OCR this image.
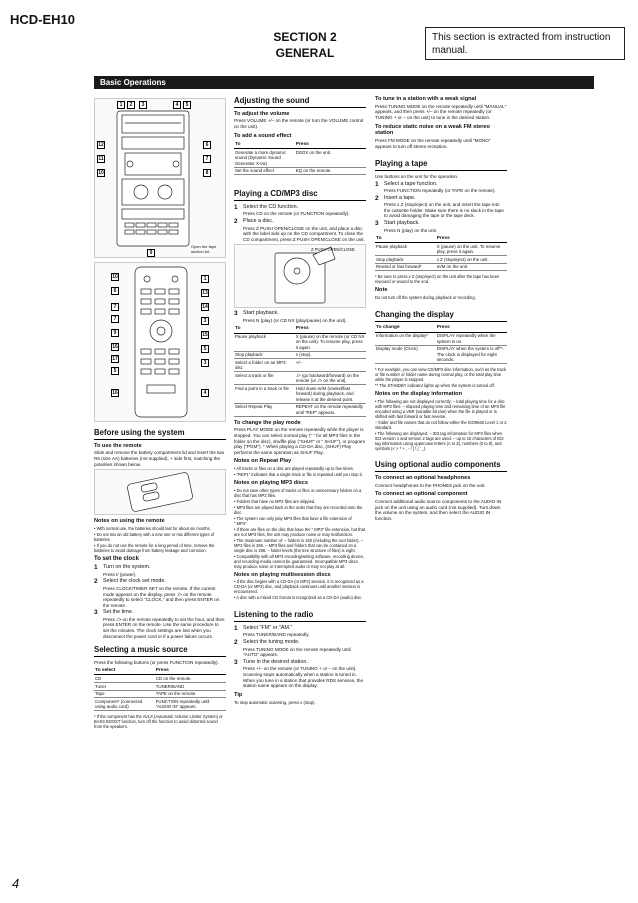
HCD-EH10
SECTION 2
GENERAL
This section is extracted from instruction manual.
Basic Operations
1	2	3	4	5
12
11
10
6
7
8
9
Open the tape section lid.
10
6
7
7
9
16
17
5
16
1
13
14
3
15
5
3
4
Before using the system
To use the remote
Slide and remove the battery compartment lid and insert the two R6 (size AA) batteries (not supplied), + side first, matching the polarities shown below.
Notes on using the remote
• With normal use, the batteries should last for about six months.
• Do not mix an old battery with a new one or mix different types of batteries.
• If you do not use the remote for a long period of time, remove the batteries to avoid damage from battery leakage and corrosion.
To set the clock
1 Turn on the system.
Press I/ (power).
2 Select the clock set mode.
Press CLOCK/TIMER SET on the remote. If the current mode appears on the display, press ./> on the remote repeatedly to select "CLOCK," and then press ENTER on the remote.
3 Set the time.
Press ./> on the remote repeatedly to set the hour, and then press ENTER on the remote. Use the same procedure to set the minutes. The clock settings are lost when you disconnect the power cord or if a power failure occurs.
Selecting a music source
Press the following buttons (or press FUNCTION repeatedly).
To select	Press
CD	CD on the remote.
Tuner	TUNER/BAND
Tape	TAPE on the remote.
Component* (connected using audio cord)	FUNCTION repeatedly until "AUDIO IN" appears.
* If the component has the AVLS (Automatic Volume Limiter System) or BASS BOOST function, turn off the function to avoid distorted sound from the speakers.
Adjusting the sound
To adjust the volume
Press VOLUME +/– on the remote (or turn the VOLUME control on the unit).
To add a sound effect
To	Press
Generate a more dynamic sound (Dynamic Sound Generator X-tra)	DSGX on the unit.
Set the sound effect	EQ on the remote.
Playing a CD/MP3 disc
1 Select the CD function.
Press CD on the remote (or FUNCTION repeatedly).
2 Place a disc.
Press Z PUSH OPEN/CLOSE on the unit, and place a disc with the label side up on the CD compartment. To close the CD compartment, press Z PUSH OPEN/CLOSE on the unit.
Z PUSH OPEN/CLOSE
3 Start playback.
Press N (play) (or CD NX (play/pause) on the unit).
To	Press
Pause playback	X (pause) on the remote (or CD NX on the unit). To resume play, press it again.
Stop playback	x (stop).
Select a folder on an MP3 disc	+/–
Select a track or file	./> (go backward/forward) on the remote (or ./> on the unit).
Find a point in a track or file	Hold down m/M (rewind/fast forward) during playback, and release it at the desired point.
Select Repeat Play	REPEAT on the remote repeatedly until "REP" appears.
To change the play mode
Press PLAY MODE on the remote repeatedly while the player is stopped. You can select normal play (" " for all MP3 files in the folder on the disc), shuffle play ("SHUF" or " SHUF"), or program play ("PGM"). * When playing a CD-DA disc, (SHUF) Play performs the same operation as SHUF Play.
Notes on Repeat Play
• All tracks or files on a disc are played repeatedly up to five times.
• "REP1" indicates that a single track or file is repeated until you stop it.
Notes on playing MP3 discs
• Do not save other types of tracks or files or unnecessary folders on a disc that has MP3 files.
• Folders that have no MP3 files are skipped.
• MP3 files are played back in the order that they are recorded onto the disc.
• The system can only play MP3 files that have a file extension of ".MP3".
• If there are files on the disc that have the ".MP3" file extension, but that are not MP3 files, the unit may produce noise or may malfunction.
• The maximum number of: – folders is 150 (including the root folder). – MP3 files is 255. – MP3 files and folders that can be contained on a single disc is 256. – folder levels (the tree structure of files) is eight.
• Compatibility with all MP3 encoding/writing software, recording device, and recording media cannot be guaranteed. Incompatible MP3 discs may produce noise or interrupted audio or may not play at all.
Notes on playing multisession discs
• If the disc begins with a CD-DA (or MP3) session, it is recognized as a CD-DA (or MP3) disc, and playback continues until another session is encountered.
• A disc with a mixed CD format is recognized as a CD-DA (audio) disc.
Listening to the radio
1 Select "FM" or "AM."
Press TUNER/BAND repeatedly.
2 Select the tuning mode.
Press TUNING MODE on the remote repeatedly until "AUTO" appears.
3 Tune in the desired station.
Press +/– on the remote (or TUNING + or – on the unit). Scanning stops automatically when a station is tuned in. When you tune in a station that provides RDS services, the station name appears on the display.
Tip
To stop automatic scanning, press x (stop).
To tune in a station with a weak signal
Press TUNING MODE on the remote repeatedly until "MANUAL" appears, and then press +/– on the remote repeatedly (or TUNING + or – on the unit) to tune in the desired station.
To reduce static noise on a weak FM stereo station
Press FM MODE on the remote repeatedly until "MONO" appears to turn off stereo reception.
Playing a tape
Use buttons on the unit for the operation.
1 Select a tape function.
Press FUNCTION repeatedly (or TAPE on the remote).
2 Insert a tape.
Press x Z (stop/eject) on the unit, and insert the tape into the cassette holder. Make sure there is no slack in the tape to avoid damaging the tape or the tape deck.
3 Start playback.
Press N (play) on the unit.
To	Press
Pause playback	X (pause) on the unit. To resume play, press it again.
Stop playback	x Z (stop/eject) on the unit.
Rewind or fast forward*	m/M on the unit.
* Be sure to press x Z (stop/eject) on the unit after the tape has been rewound or wound to the end.
Note
Do not turn off the system during playback or recording.
Changing the display
To change	Press
Information on the display*	DISPLAY repeatedly when the system is on.
Display mode (Clock)	DISPLAY when the system is off**. The clock is displayed for eight seconds.
* For example, you can view CD/MP3 disc information, such as the track or file number or folder name during normal play, or the total play time while the player is stopped.
** The STANDBY indicator lights up when the system is turned off.
Notes on the display information
• The following are not displayed correctly; – total playing time for a disc with MP3 files. – elapsed playing time and remaining time of an MP3 file encoded using a VBR (variable bit rate) when the file is played or is shifted with fast forward or fast reverse.
– folder and file names that do not follow either the ISO9660 Level 1 or 2 standard.
• The following are displayed; – ID3 tag information for MP3 files when ID3 version 1 and version 2 tags are used. – up to 15 characters of ID3 tag information using uppercase letters (A to Z), numbers (0 to 9), and symbols (< > * + , - / [ \ ] ' _).
Using optional audio components
To connect an optional headphones
Connect headphones to the PHONES jack on the unit.
To connect an optional component
Connect additional audio source components to the AUDIO IN jack on the unit using an audio cord (not supplied). Turn down the volume on the system, and then select the AUDIO IN function.
4
